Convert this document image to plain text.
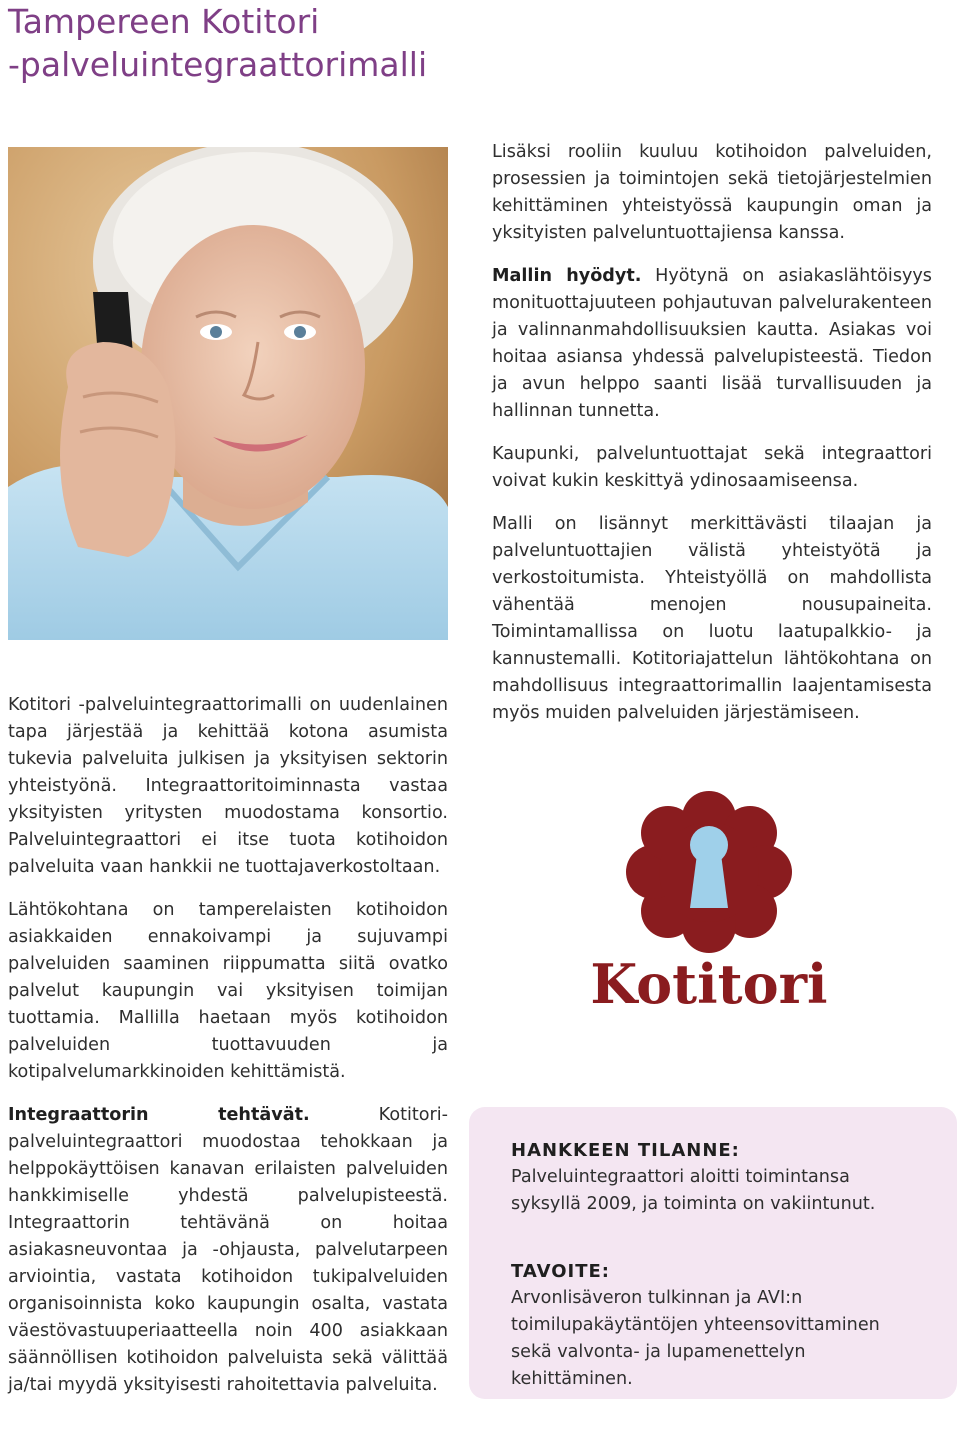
Tampereen Kotitori
-palveluintegraattorimalli

Kotitori -palveluintegraattorimalli on uudenlainen tapa järjestää ja kehittää kotona asumista tukevia palveluita julkisen ja yksityisen sektorin yhteistyönä. Integraattoritoiminnasta vastaa yksityisten yritysten muodostama konsortio. Palveluintegraattori ei itse tuota kotihoidon palveluita vaan hankkii ne tuottajaverkostoltaan.

Lähtökohtana on tamperelaisten kotihoidon asiakkaiden ennakoivampi ja sujuvampi palveluiden saaminen riippumatta siitä ovatko palvelut kaupungin vai yksityisen toimijan tuottamia. Mallilla haetaan myös kotihoidon palveluiden tuottavuuden ja kotipalvelumarkkinoiden kehittämistä.

Integraattorin tehtävät.	Kotitori-palveluintegraattori muodostaa tehokkaan ja helppokäyttöisen kanavan erilaisten palveluiden hankkimiselle yhdestä palvelupisteestä. Integraattorin tehtävänä on hoitaa asiakasneuvontaa ja -ohjausta, palvelutarpeen arviointia, vastata kotihoidon tukipalveluiden organisoinnista koko kaupungin osalta, vastata väestövastuuperiaatteella noin 400 asiakkaan säännöllisen kotihoidon palveluista sekä välittää ja/tai myydä yksityisesti rahoitettavia palveluita.

Lisäksi rooliin kuuluu kotihoidon palveluiden, prosessien ja toimintojen sekä tietojärjestelmien kehittäminen yhteistyössä kaupungin oman ja yksityisten palveluntuottajiensa kanssa.

Mallin hyödyt. Hyötynä on asiakaslähtöisyys monituottajuuteen pohjautuvan palvelurakenteen ja valinnanmahdollisuuksien kautta. Asiakas voi hoitaa asiansa yhdessä palvelupisteestä. Tiedon ja avun helppo saanti lisää turvallisuuden ja hallinnan tunnetta.

Kaupunki, palveluntuottajat sekä integraattori voivat kukin keskittyä ydinosaamiseensa.

Malli on lisännyt merkittävästi tilaajan ja palveluntuottajien välistä yhteistyötä ja verkostoitumista. Yhteistyöllä on mahdollista vähentää menojen nousupaineita. Toimintamallissa on luotu laatupalkkio- ja kannustemalli. Kotitoriajattelun lähtökohtana on mahdollisuus integraattorimallin laajentamisesta myös muiden palveluiden järjestämiseen.

Kotitori
HANKKEEN TILANNE:

Palveluintegraattori aloitti toimintansa syksyllä 2009, ja toiminta on vakiintunut.

TAVOITE:

Arvonlisäveron tulkinnan ja AVI:n toimilupakäytäntöjen yhteensovittaminen sekä valvonta- ja lupamenettelyn kehittäminen.
